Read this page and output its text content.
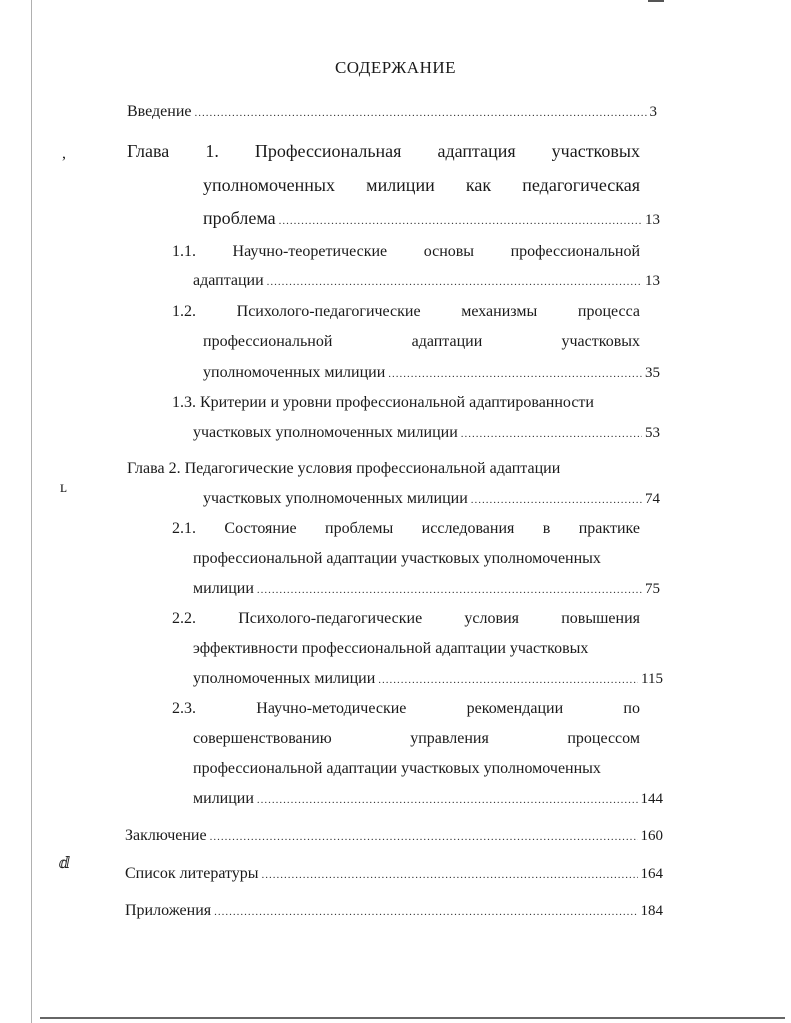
,
ʟ
ⅆ
СОДЕРЖАНИЕ
Введение .....	3
Глава 1. Профессиональная адаптация участковых
уполномоченных милиции как педагогическая
проблема .....	13
1.1. Научно-теоретические основы профессиональной
адаптации .....	13
1.2.	Психолого-педагогические	механизмы	процесса
профессиональной	адаптации	участковых
уполномоченных милиции .....	35
1.3. Критерии и уровни профессиональной адаптированности
участковых уполномоченных милиции .....	53
Глава 2. Педагогические условия профессиональной адаптации
участковых уполномоченных милиции .....	74
2.1. Состояние проблемы исследования в практике
профессиональной адаптации участковых уполномоченных
милиции .....	75
2.2.	Психолого-педагогические	условия	повышения
эффективности профессиональной адаптации участковых
уполномоченных милиции .....	115
2.3.	Научно-методические	рекомендации	по
совершенствованию	управления	процессом
профессиональной адаптации участковых уполномоченных
милиции .....	144
Заключение .....	160
Список литературы .....	164
Приложения .....	184
